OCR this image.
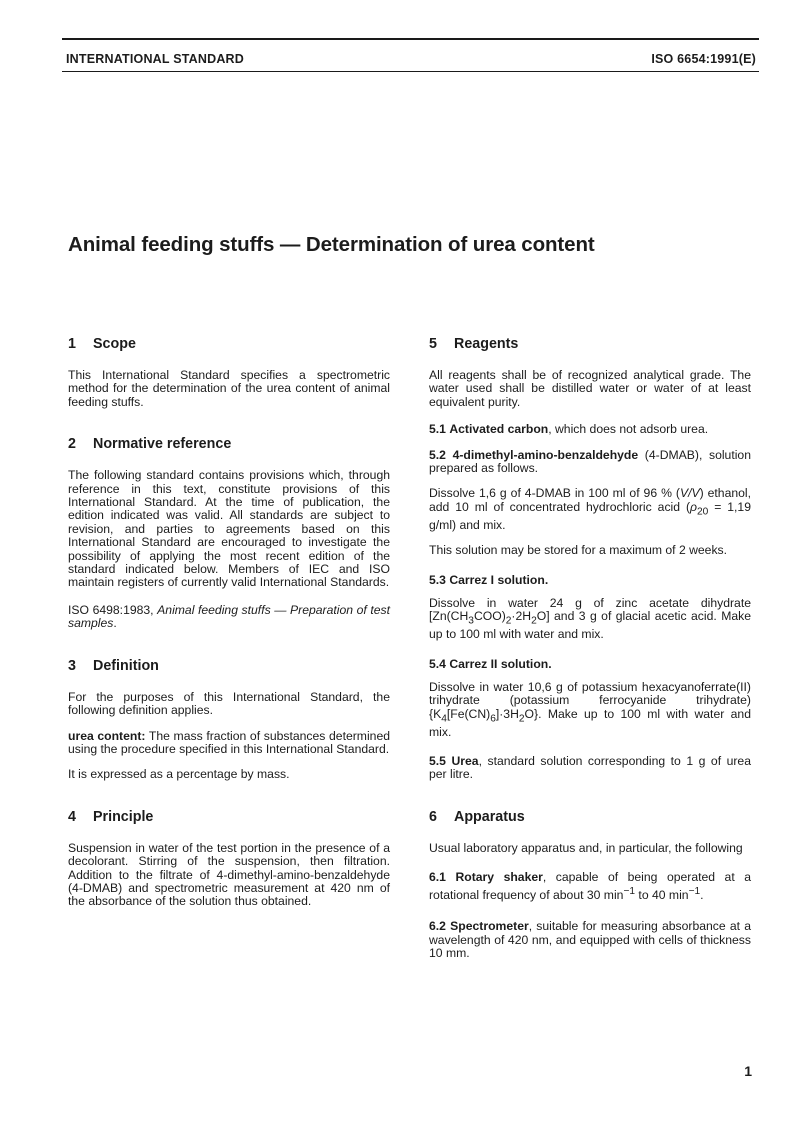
INTERNATIONAL STANDARD	ISO 6654:1991(E)
Animal feeding stuffs — Determination of urea content
1 Scope

This International Standard specifies a spectrometric method for the determination of the urea content of animal feeding stuffs.

2 Normative reference

The following standard contains provisions which, through reference in this text, constitute provisions of this International Standard. At the time of publication, the edition indicated was valid. All standards are subject to revision, and parties to agreements based on this International Standard are encouraged to investigate the possibility of applying the most recent edition of the standard indicated below. Members of IEC and ISO maintain registers of currently valid International Standards.

ISO 6498:1983, Animal feeding stuffs — Preparation of test samples.

3 Definition

For the purposes of this International Standard, the following definition applies.

urea content: The mass fraction of substances determined using the procedure specified in this International Standard.

It is expressed as a percentage by mass.

4 Principle

Suspension in water of the test portion in the presence of a decolorant. Stirring of the suspension, then filtration. Addition to the filtrate of 4-dimethyl-amino-benzaldehyde (4-DMAB) and spectrometric measurement at 420 nm of the absorbance of the solution thus obtained.

5 Reagents

All reagents shall be of recognized analytical grade. The water used shall be distilled water or water of at least equivalent purity.

5.1 Activated carbon, which does not adsorb urea.

5.2 4-dimethyl-amino-benzaldehyde (4-DMAB), solution prepared as follows.

Dissolve 1,6 g of 4-DMAB in 100 ml of 96 % (V/V) ethanol, add 10 ml of concentrated hydrochloric acid ($\rho_{20} = 1,19$ g/ml) and mix.

This solution may be stored for a maximum of 2 weeks.

5.3 Carrez I solution.

Dissolve in water 24 g of zinc acetate dihydrate $[Zn(CH_3COO)_2\cdot 2H_2O]$ and 3 g of glacial acetic acid. Make up to 100 ml with water and mix.

5.4 Carrez II solution.

Dissolve in water 10,6 g of potassium hexacyanoferrate(II) trihydrate (potassium ferrocyanide trihydrate) $\{K_4[Fe(CN)_6]\cdot 3H_2O\}$. Make up to 100 ml with water and mix.

5.5 Urea, standard solution corresponding to 1 g of urea per litre.

6 Apparatus

Usual laboratory apparatus and, in particular, the following

6.1 Rotary shaker, capable of being operated at a rotational frequency of about 30 $\min^{-1}$ to 40 $\min^{-1}$.

6.2 Spectrometer, suitable for measuring absorbance at a wavelength of 420 nm, and equipped with cells of thickness 10 mm.

1
